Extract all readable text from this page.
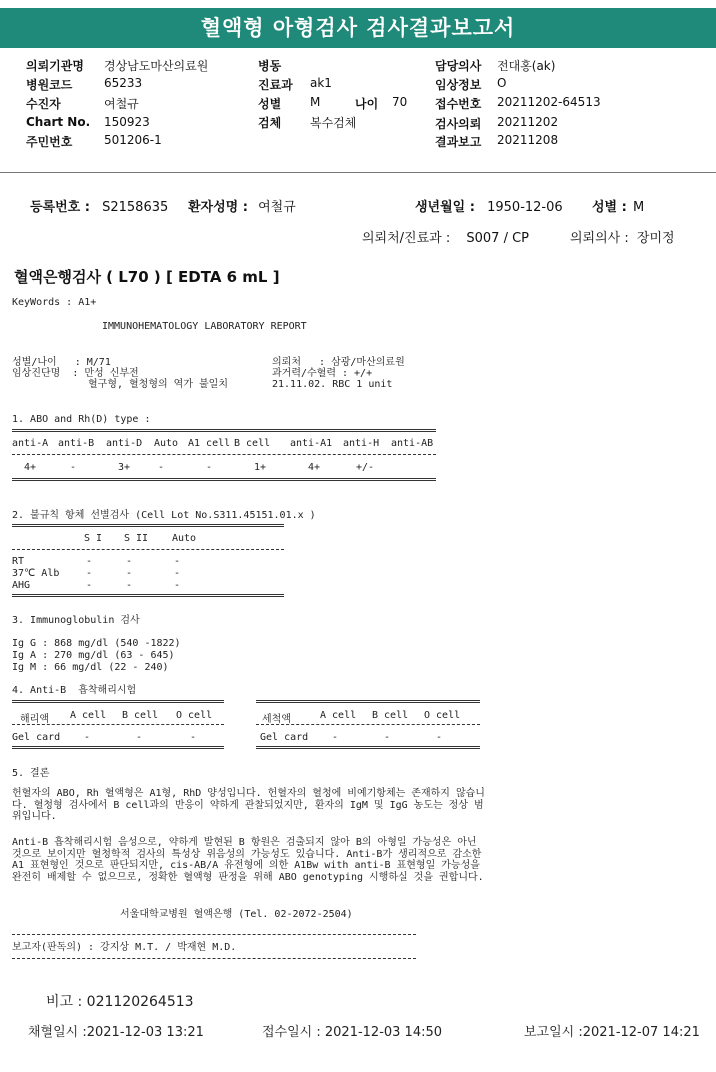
혈액형 아형검사 검사결과보고서
의뢰기관명 경상남도마산의료원
병원코드	65233
수진자	여철규
Chart No. 150923
주민번호	501206-1
병동
진료과 ak1
성별 M	나이 70
검체 복수검체
담당의사 전대홍(ak)
임상정보 O
접수번호 20211202-64513
검사의뢰 20211202
결과보고 20211208
등록번호 : S2158635 환자성명 : 여철규	생년월일 : 1950-12-06 성별 : M
의뢰처/진료과 : S007 / CP	의뢰의사 : 장미정
혈액은행검사 ( L70 ) [ EDTA 6 mL ]
KeyWords : A1+
IMMUNOHEMATOLOGY LABORATORY REPORT
성별/나이   : M/71
임상진단명  : 만성 신부전
혈구형, 혈청형의 역가 불일치
의뢰처   : 삼광/마산의료원
과거력/수혈력 : +/+
21.11.02. RBC 1 unit
1. ABO and Rh(D) type :
anti-A anti-B anti-D Auto A1 cell B cell anti-A1 anti-H anti-AB
4+	-	3+	-	-	1+	4+	+/-
2. 불규칙 항체 선별검사 (Cell Lot No.S311.45151.01.x )
S I S II Auto
RT	-	-	-
37℃ Alb	-	-	-
AHG	-	-	-
3. Immunoglobulin 검사
Ig G : 868 mg/dl (540 -1822)
Ig A : 270 mg/dl (63 - 645)
Ig M : 66 mg/dl (22 - 240)
4. Anti-B  흡착해리시험
해리액 A cell B cell O cell
Gel card -	-	-
세척액	A cell B cell O cell
Gel card -	-	-
5. 결론
헌혈자의 ABO, Rh 혈액형은 A1형, RhD 양성입니다. 헌혈자의 혈청에 비예기항체는 존재하지 않습니다. 혈청형 검사에서 B cell과의 반응이 약하게 관찰되었지만, 환자의 IgM 및 IgG 농도는 정상 범위입니다.
Anti-B 흡착해리시험 음성으로, 약하게 발현된 B 항원은 검출되지 않아 B의 아형일 가능성은 아닌 것으로 보이지만 혈청학적 검사의 특성상 위음성의 가능성도 있습니다. Anti-B가 생리적으로 감소한 A1 표현형인 것으로 판단되지만, cis-AB/A 유전형에 의한 A1Bw with anti-B 표현형일 가능성을 완전히 배제할 수 없으므로, 정확한 혈액형 판정을 위해 ABO genotyping 시행하실 것을 권합니다.
서울대학교병원 혈액은행 (Tel. 02-2072-2504)
보고자(판독의) : 강지상 M.T. / 박재현 M.D.
비고 : 021120264513
채혈일시 :2021-12-03 13:21	접수일시 : 2021-12-03 14:50	보고일시 :2021-12-07 14:21
